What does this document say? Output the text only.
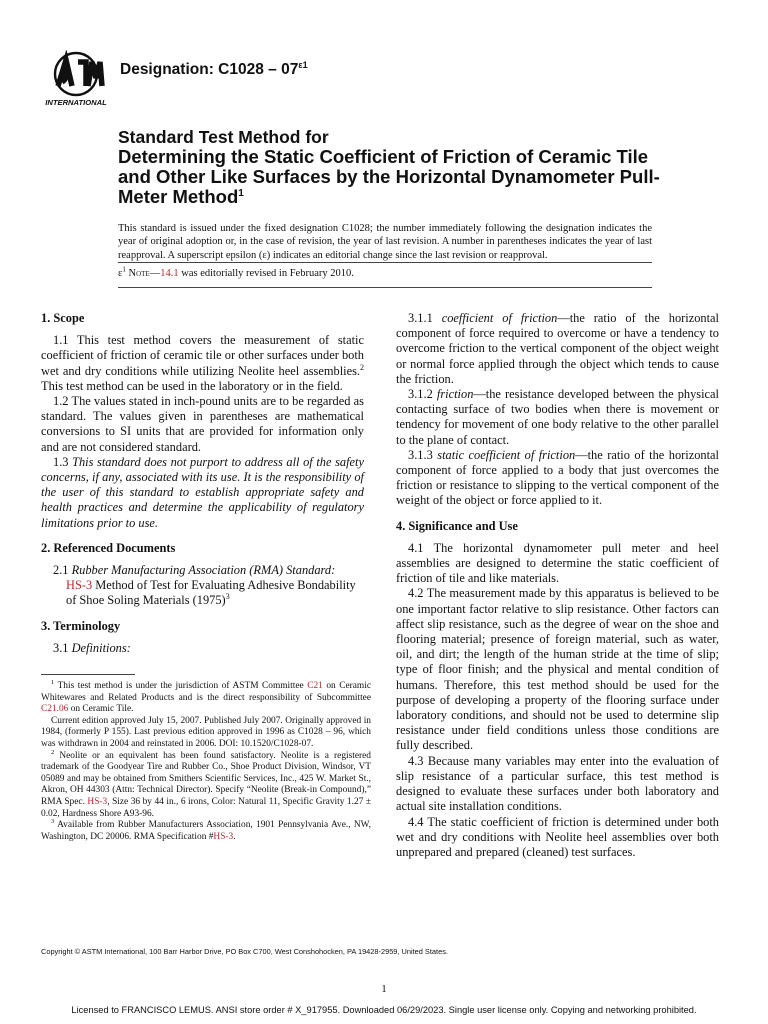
INTERNATIONAL
Designation: $C1028 - 07^{\varepsilon 1}$
Standard Test Method for
Determining the Static Coefficient of Friction of Ceramic Tile and Other Like Surfaces by the Horizontal Dynamometer Pull-Meter Method$^1$
This standard is issued under the fixed designation C1028; the number immediately following the designation indicates the year of original adoption or, in the case of revision, the year of last revision. A number in parentheses indicates the year of last reapproval. A superscript epsilon (ε) indicates an editorial change since the last revision or reapproval.
$\varepsilon^1$ Note—14.1 was editorially revised in February 2010.
1. Scope

1.1 This test method covers the measurement of static coefficient of friction of ceramic tile or other surfaces under both wet and dry conditions while utilizing Neolite heel assemblies.$^2$ This test method can be used in the laboratory or in the field.

1.2 The values stated in inch-pound units are to be regarded as standard. The values given in parentheses are mathematical conversions to SI units that are provided for information only and are not considered standard.

1.3 This standard does not purport to address all of the safety concerns, if any, associated with its use. It is the responsibility of the user of this standard to establish appropriate safety and health practices and determine the applicability of regulatory limitations prior to use.

2. Referenced Documents

2.1 Rubber Manufacturing Association (RMA) Standard:
HS-3 Method of Test for Evaluating Adhesive Bondability of Shoe Soling Materials $(1975)^3$

3. Terminology

3.1 Definitions:

3.1.1 coefficient of friction—the ratio of the horizontal component of force required to overcome or have a tendency to overcome friction to the vertical component of the object weight or normal force applied through the object which tends to cause the friction.

3.1.2 friction—the resistance developed between the physical contacting surface of two bodies when there is movement or tendency for movement of one body relative to the other parallel to the plane of contact.

3.1.3 static coefficient of friction—the ratio of the horizontal component of force applied to a body that just overcomes the friction or resistance to slipping to the vertical component of the weight of the object or force applied to it.

4. Significance and Use

4.1 The horizontal dynamometer pull meter and heel assemblies are designed to determine the static coefficient of friction of tile and like materials.

4.2 The measurement made by this apparatus is believed to be one important factor relative to slip resistance. Other factors can affect slip resistance, such as the degree of wear on the shoe and flooring material; presence of foreign material, such as water, oil, and dirt; the length of the human stride at the time of slip; type of floor finish; and the physical and mental condition of humans. Therefore, this test method should be used for the purpose of developing a property of the flooring surface under laboratory conditions, and should not be used to determine slip resistance under field conditions unless those conditions are fully described.

4.3 Because many variables may enter into the evaluation of slip resistance of a particular surface, this test method is designed to evaluate these surfaces under both laboratory and actual site installation conditions.

4.4 The static coefficient of friction is determined under both wet and dry conditions with Neolite heel assemblies over both unprepared and prepared (cleaned) test surfaces.

$^1$ This test method is under the jurisdiction of ASTM Committee C21 on Ceramic Whitewares and Related Products and is the direct responsibility of Subcommittee C21.06 on Ceramic Tile.

Current edition approved July 15, 2007. Published July 2007. Originally approved in 1984, (formerly P 155). Last previous edition approved in 1996 as C1028 – 96, which was withdrawn in 2004 and reinstated in 2006. DOI: 10.1520/C1028-07.

$^2$ Neolite or an equivalent has been found satisfactory. Neolite is a registered trademark of the Goodyear Tire and Rubber Co., Shoe Product Division, Windsor, VT 05089 and may be obtained from Smithers Scientific Services, Inc., 425 W. Market St., Akron, OH 44303 (Attn: Technical Director). Specify “Neolite (Break-in Compound),” RMA Spec. HS-3, Size 36 by 44 in., 6 irons, Color: Natural 11, Specific Gravity 1.27 ± 0.02, Hardness Shore A93-96.

$^3$ Available from Rubber Manufacturers Association, 1901 Pennsylvania Ave., NW, Washington, DC 20006. RMA Specification #HS-3.

Copyright © ASTM International, 100 Barr Harbor Drive, PO Box C700, West Conshohocken, PA 19428-2959, United States.
1
Licensed to FRANCISCO LEMUS. ANSI store order # X_917955. Downloaded 06/29/2023. Single user license only. Copying and networking prohibited.
